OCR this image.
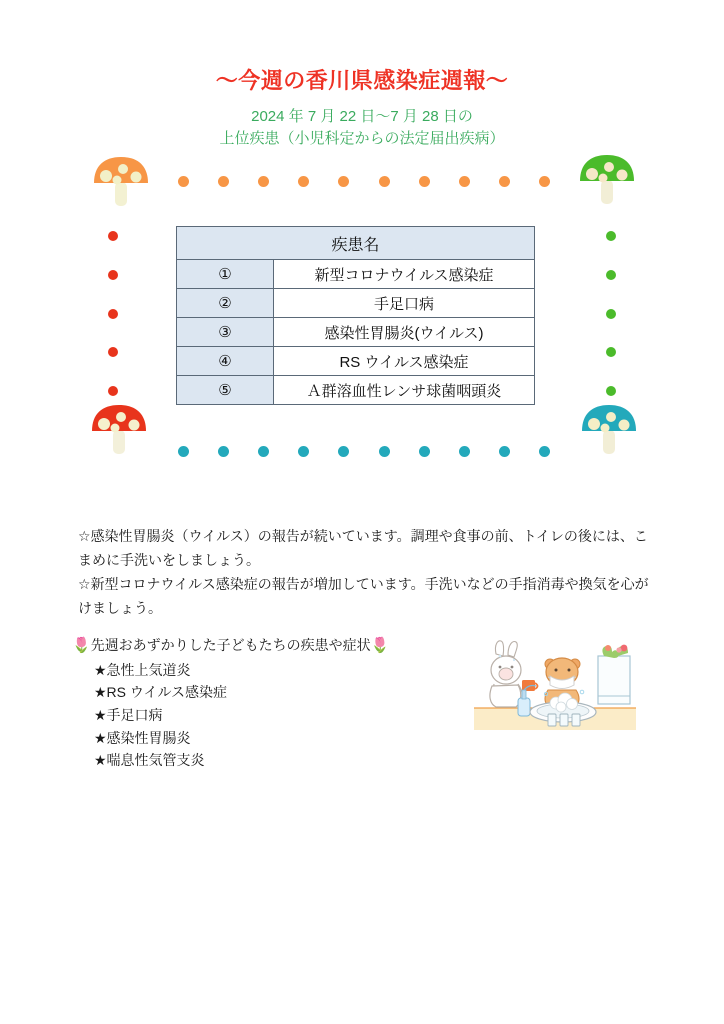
～今週の香川県感染症週報～
2024 年 7 月 22 日～7 月 28 日の
上位疾患（小児科定からの法定届出疾病）
疾患名	
①	新型コロナウイルス感染症
②	手足口病
③	感染性胃腸炎(ウイルス)
④	RS ウイルス感染症
⑤	Ａ群溶血性レンサ球菌咽頭炎
☆感染性胃腸炎（ウイルス）の報告が続いています。調理や食事の前、トイレの後には、こまめに手洗いをしましょう。
☆新型コロナウイルス感染症の報告が増加しています。手洗いなどの手指消毒や換気を心がけましょう。
🌷 先週おあずかりした子どもたちの疾患や症状 🌷
★急性上気道炎
★RS ウイルス感染症
★手足口病
★感染性胃腸炎
★喘息性気管支炎
